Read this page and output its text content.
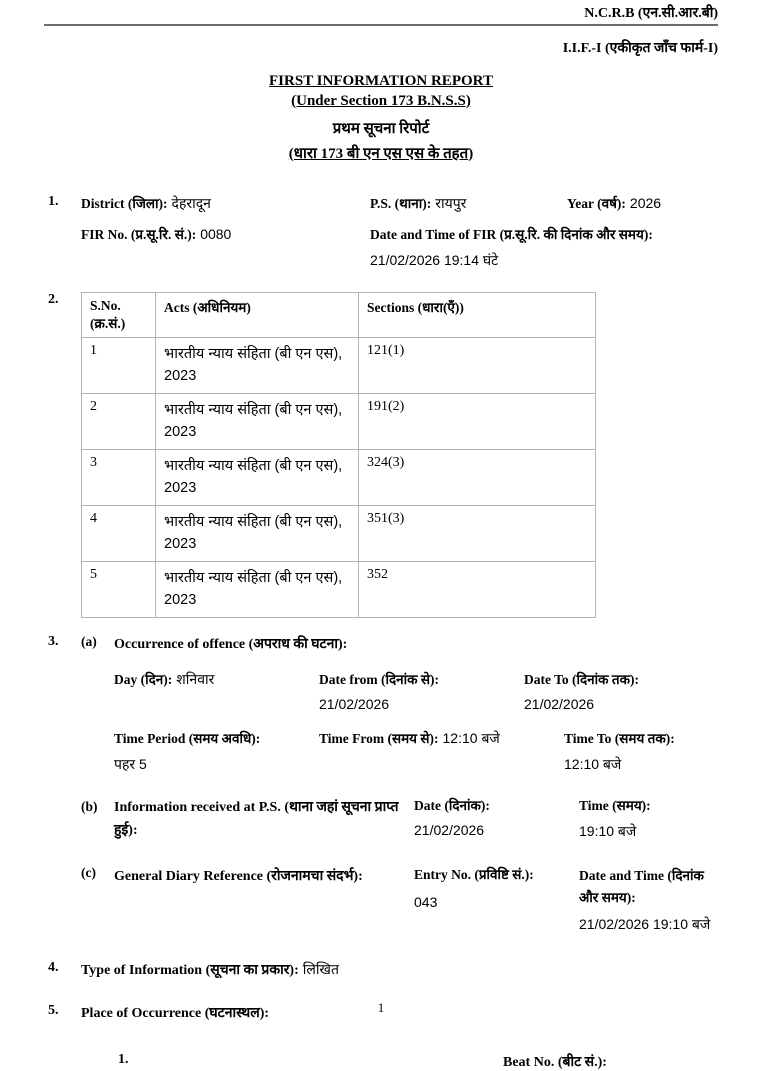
N.C.R.B (एन.सी.आर.बी)
I.I.F.-I (एकीकृत जाँच फार्म-I)
FIRST INFORMATION REPORT
(Under Section 173 B.N.S.S)
प्रथम सूचना रिपोर्ट
(धारा 173 बी एन एस एस के तहत)
1.	District (जिला): देहरादून	P.S. (थाना): रायपुर	Year (वर्ष): 2026
FIR No. (प्र.सू.रि. सं.): 0080	Date and Time of FIR (प्र.सू.रि. की दिनांक और समय):
21/02/2026 19:14 घंटे
2.	S.No. (क्र.सं.)	Acts (अधिनियम)	Sections (धारा(एँ))
1	भारतीय न्याय संहिता (बी एन एस), 2023	121(1)
2	भारतीय न्याय संहिता (बी एन एस), 2023	191(2)
3	भारतीय न्याय संहिता (बी एन एस), 2023	324(3)
4	भारतीय न्याय संहिता (बी एन एस), 2023	351(3)
5	भारतीय न्याय संहिता (बी एन एस), 2023	352
3.	(a)	Occurrence of offence (अपराध की घटना):
Day (दिन): शनिवार	Date from (दिनांक से):
21/02/2026
Date To (दिनांक तक):
21/02/2026
Time Period (समय अवधि):
पहर 5
Time From (समय से): 12:10 बजे	Time To (समय तक):
12:10 बजे
(b)	Information received at P.S. (थाना जहां सूचना प्राप्त हुई):
Date (दिनांक):
21/02/2026
Time (समय):
19:10 बजे
(c)	General Diary Reference (रोजनामचा संदर्भ):	Entry No. (प्रविष्टि सं.):
043
Date and Time (दिनांक और समय):
21/02/2026 19:10 बजे
4.	Type of Information (सूचना का प्रकार): लिखित
5.	Place of Occurrence (घटनास्थल):
1.	Beat No. (बीट सं.):
1
